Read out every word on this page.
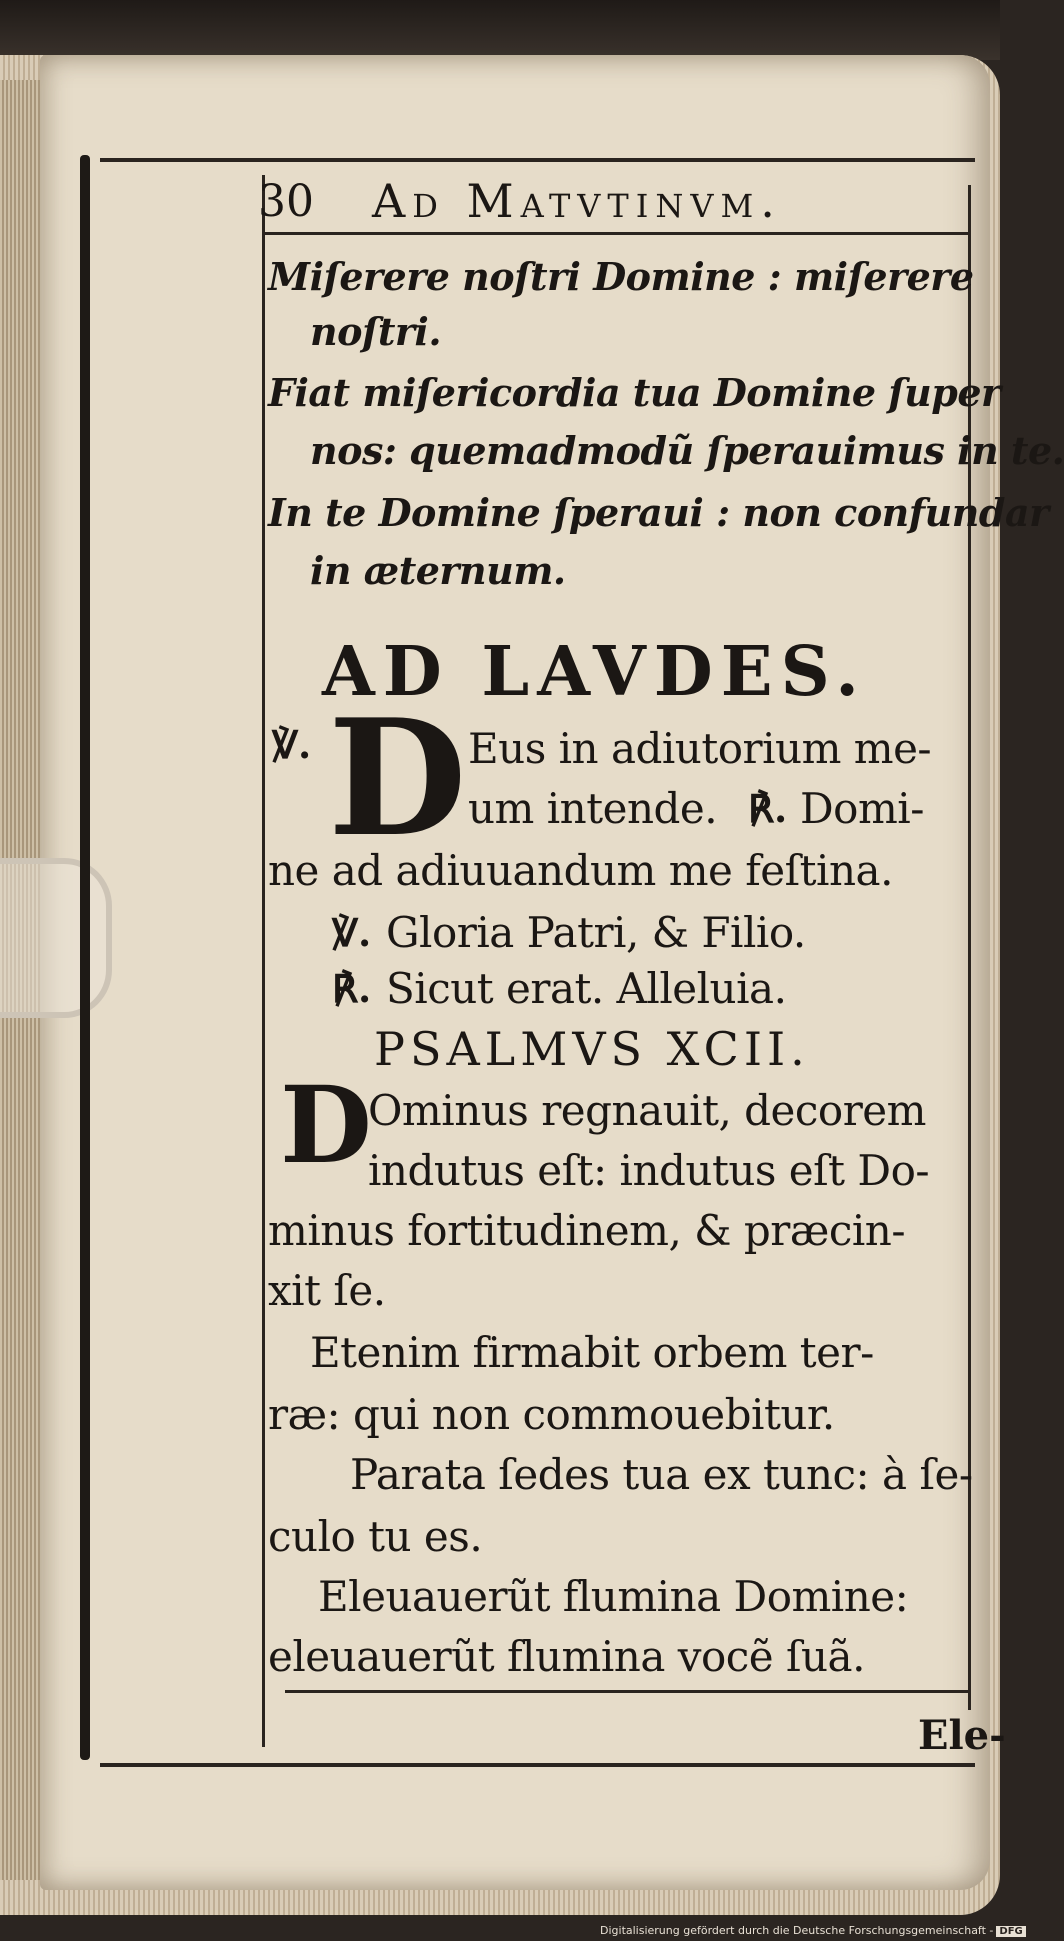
30 Ad Matvtinvm.
Miſerere noſtri Domine : miſerere
noſtri.
Fiat miſericordia tua Domine ſuper
nos: quemadmodũ ſperauimus in te.
In te Domine ſperaui : non confundar
in æternum.
AD LAVDES.
℣. D Eus in adiutorium me-
um intende. ℟. Domi-
ne ad adiuuandum me feſtina.
℣. Gloria Patri, & Filio.
℟. Sicut erat. Alleluia.
PSALMVS XCII.
D
Ominus regnauit, decorem
indutus eſt: indutus eſt Do-
minus fortitudinem, & præcin-
xit ſe.
Etenim firmabit orbem ter-
ræ: qui non commouebitur.
Parata ſedes tua ex tunc: à ſe-
culo tu es.
Eleuauerũt flumina Domine:
eleuauerũt flumina vocẽ ſuã.
Ele-
Digitalisierung gefördert durch die Deutsche Forschungsgemeinschaft - DFG
